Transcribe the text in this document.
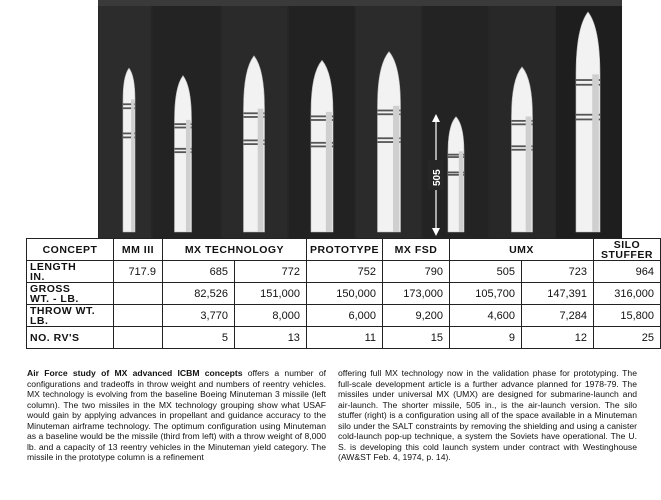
505
CONCEPT	MM III	MX TECHNOLOGY		PROTOTYPE	MX FSD	UMX		SILO
STUFFER

LENGTH
IN.	717.9	685	772	752	790	505	723	964

GROSS
WT. - LB.		82,526	151,000	150,000	173,000	105,700	147,391	316,000

THROW WT.
LB.		3,770	8,000	6,000	9,200	4,600	7,284	15,800
NO. RV'S		5	13	11	15	9	12	25
Air Force study of MX advanced ICBM concepts offers a number of configurations and tradeoffs in throw weight and numbers of reentry vehicles. MX technology is evolving from the baseline Boeing Minuteman 3 missile (left column). The two missiles in the MX technology grouping show what USAF would gain by applying advances in propellant and guidance accuracy to the Minuteman airframe technology. The optimum configuration using Minuteman as a baseline would be the missile (third from left) with a throw weight of 8,000 lb. and a capacity of 13 reentry vehicles in the Minuteman yield category. The missile in the prototype column is a refinement
offering full MX technology now in the validation phase for prototyping. The full-scale development article is a further advance planned for 1978-79. The missiles under universal MX (UMX) are designed for submarine-launch and air-launch. The shorter missile, 505 in., is the air-launch version. The silo stuffer (right) is a configuration using all of the space available in a Minuteman silo under the SALT constraints by removing the shielding and using a canister cold-launch pop-up technique, a system the Soviets have operational. The U. S. is developing this cold launch system under contract with Westinghouse (AW&ST Feb. 4, 1974, p. 14).
